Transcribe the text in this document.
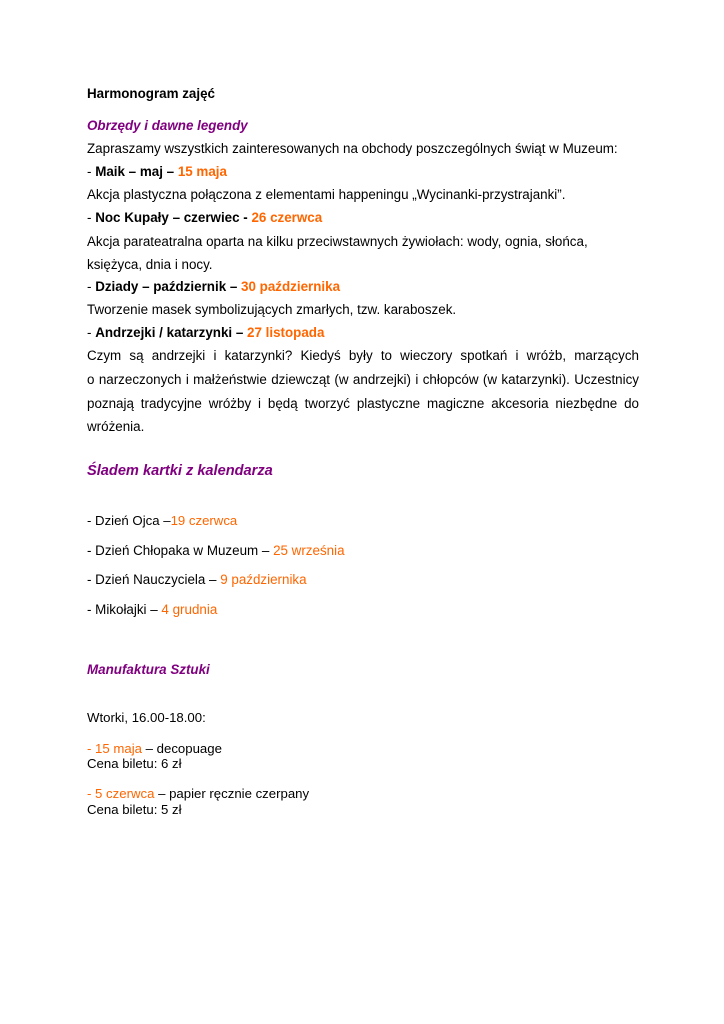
Harmonogram zajęć
Obrzędy i dawne legendy
Zapraszamy wszystkich zainteresowanych na obchody poszczególnych świąt w Muzeum:
- Maik – maj – 15 maja
Akcja plastyczna połączona z elementami happeningu „Wycinanki-przystrajanki”.
- Noc Kupały – czerwiec - 26 czerwca
Akcja parateatralna oparta na kilku przeciwstawnych żywiołach: wody, ognia, słońca,
księżyca, dnia i nocy.
- Dziady – październik – 30 października
Tworzenie masek symbolizujących zmarłych, tzw. karaboszek.
- Andrzejki / katarzynki – 27 listopada
Czym są andrzejki i katarzynki? Kiedyś były to wieczory spotkań i wróżb, marzących
o narzeczonych i małżeństwie dziewcząt (w andrzejki) i chłopców (w katarzynki). Uczestnicy
poznają tradycyjne wróżby i będą tworzyć plastyczne magiczne akcesoria niezbędne do
wróżenia.
Śladem kartki z kalendarza
- Dzień Ojca –19 czerwca
- Dzień Chłopaka w Muzeum – 25 września
- Dzień Nauczyciela – 9 października
- Mikołajki – 4 grudnia
Manufaktura Sztuki
Wtorki, 16.00-18.00:
- 15 maja – decopuage
Cena biletu: 6 zł
- 5 czerwca – papier ręcznie czerpany
Cena biletu: 5 zł
